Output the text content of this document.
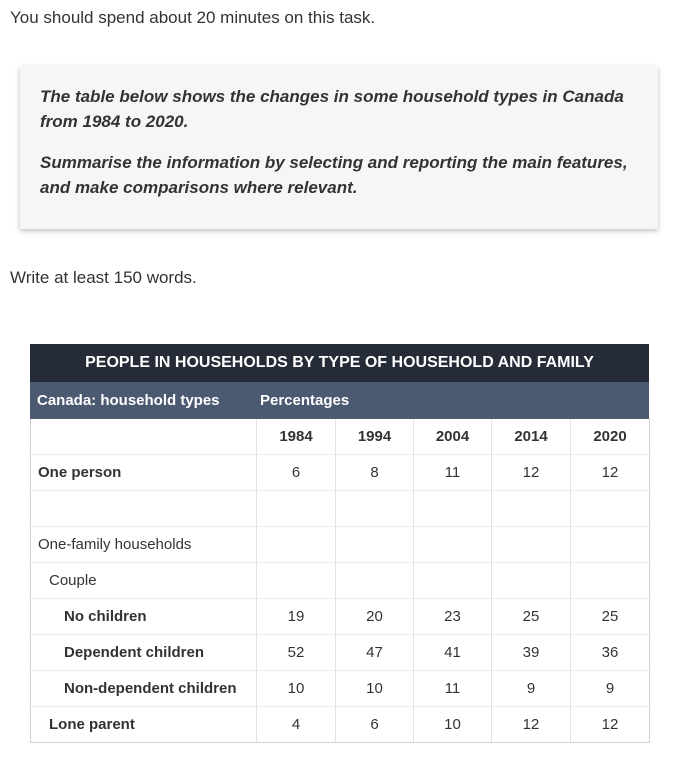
You should spend about 20 minutes on this task.

The table below shows the changes in some household types in Canada from 1984 to 2020.

Summarise the information by selecting and reporting the main features, and make comparisons where relevant.

Write at least 150 words.
PEOPLE IN HOUSEHOLDS BY TYPE OF HOUSEHOLD AND FAMILY
Canada: household types	Percentages
	1984	1994	2004	2014	2020
One person	6	8	11	12	12

One-family households					
Couple					
No children	19	20	23	25	25
Dependent children	52	47	41	39	36
Non-dependent children	10	10	11	9	9
Lone parent	4	6	10	12	12
